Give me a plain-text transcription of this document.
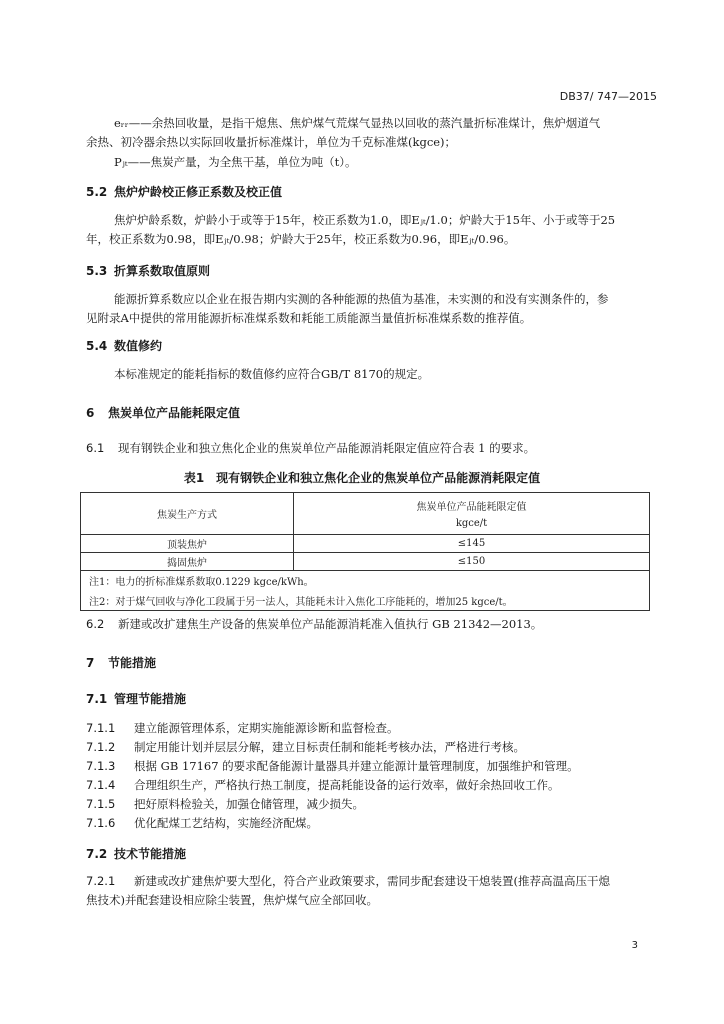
DB37/ 747—2015
eᵣᵣ——余热回收量，是指干熄焦、焦炉煤气荒煤气显热以回收的蒸汽量折标准煤计，焦炉烟道气
余热、初冷器余热以实际回收量折标准煤计，单位为千克标准煤(kgce)；
Pⱼₜ——焦炭产量，为全焦干基，单位为吨（t）。
5.2 焦炉炉龄校正修正系数及校正值
焦炉炉龄系数，炉龄小于或等于15年，校正系数为1.0，即Eⱼₜ/1.0；炉龄大于15年、小于或等于25
年，校正系数为0.98，即Eⱼₜ/0.98；炉龄大于25年，校正系数为0.96，即Eⱼₜ/0.96。
5.3 折算系数取值原则
能源折算系数应以企业在报告期内实测的各种能源的热值为基准，未实测的和没有实测条件的，参
见附录A中提供的常用能源折标准煤系数和耗能工质能源当量值折标准煤系数的推荐值。
5.4 数值修约
本标准规定的能耗指标的数值修约应符合GB/T 8170的规定。
6 焦炭单位产品能耗限定值
6.1 现有钢铁企业和独立焦化企业的焦炭单位产品能源消耗限定值应符合表 1 的要求。
表1　现有钢铁企业和独立焦化企业的焦炭单位产品能源消耗限定值
焦炭生产方式	焦炭单位产品能耗限定值
kgce/t

顶装焦炉	≤145
捣固焦炉	≤150
注1：电力的折标准煤系数取0.1229 kgce/kWh。	
注2：对于煤气回收与净化工段属于另一法人，其能耗未计入焦化工序能耗的，增加25 kgce/t。	
6.2 新建或改扩建焦生产设备的焦炭单位产品能源消耗准入值执行 GB 21342—2013。
7 节能措施
7.1 管理节能措施
7.1.1 建立能源管理体系，定期实施能源诊断和监督检查。
7.1.2 制定用能计划并层层分解，建立目标责任制和能耗考核办法，严格进行考核。
7.1.3 根据 GB 17167 的要求配备能源计量器具并建立能源计量管理制度，加强维护和管理。
7.1.4 合理组织生产，严格执行热工制度，提高耗能设备的运行效率，做好余热回收工作。
7.1.5 把好原料检验关，加强仓储管理，减少损失。
7.1.6 优化配煤工艺结构，实施经济配煤。
7.2 技术节能措施
7.2.1 新建或改扩建焦炉要大型化，符合产业政策要求，需同步配套建设干熄装置(推荐高温高压干熄
焦技术)并配套建设相应除尘装置，焦炉煤气应全部回收。
3
